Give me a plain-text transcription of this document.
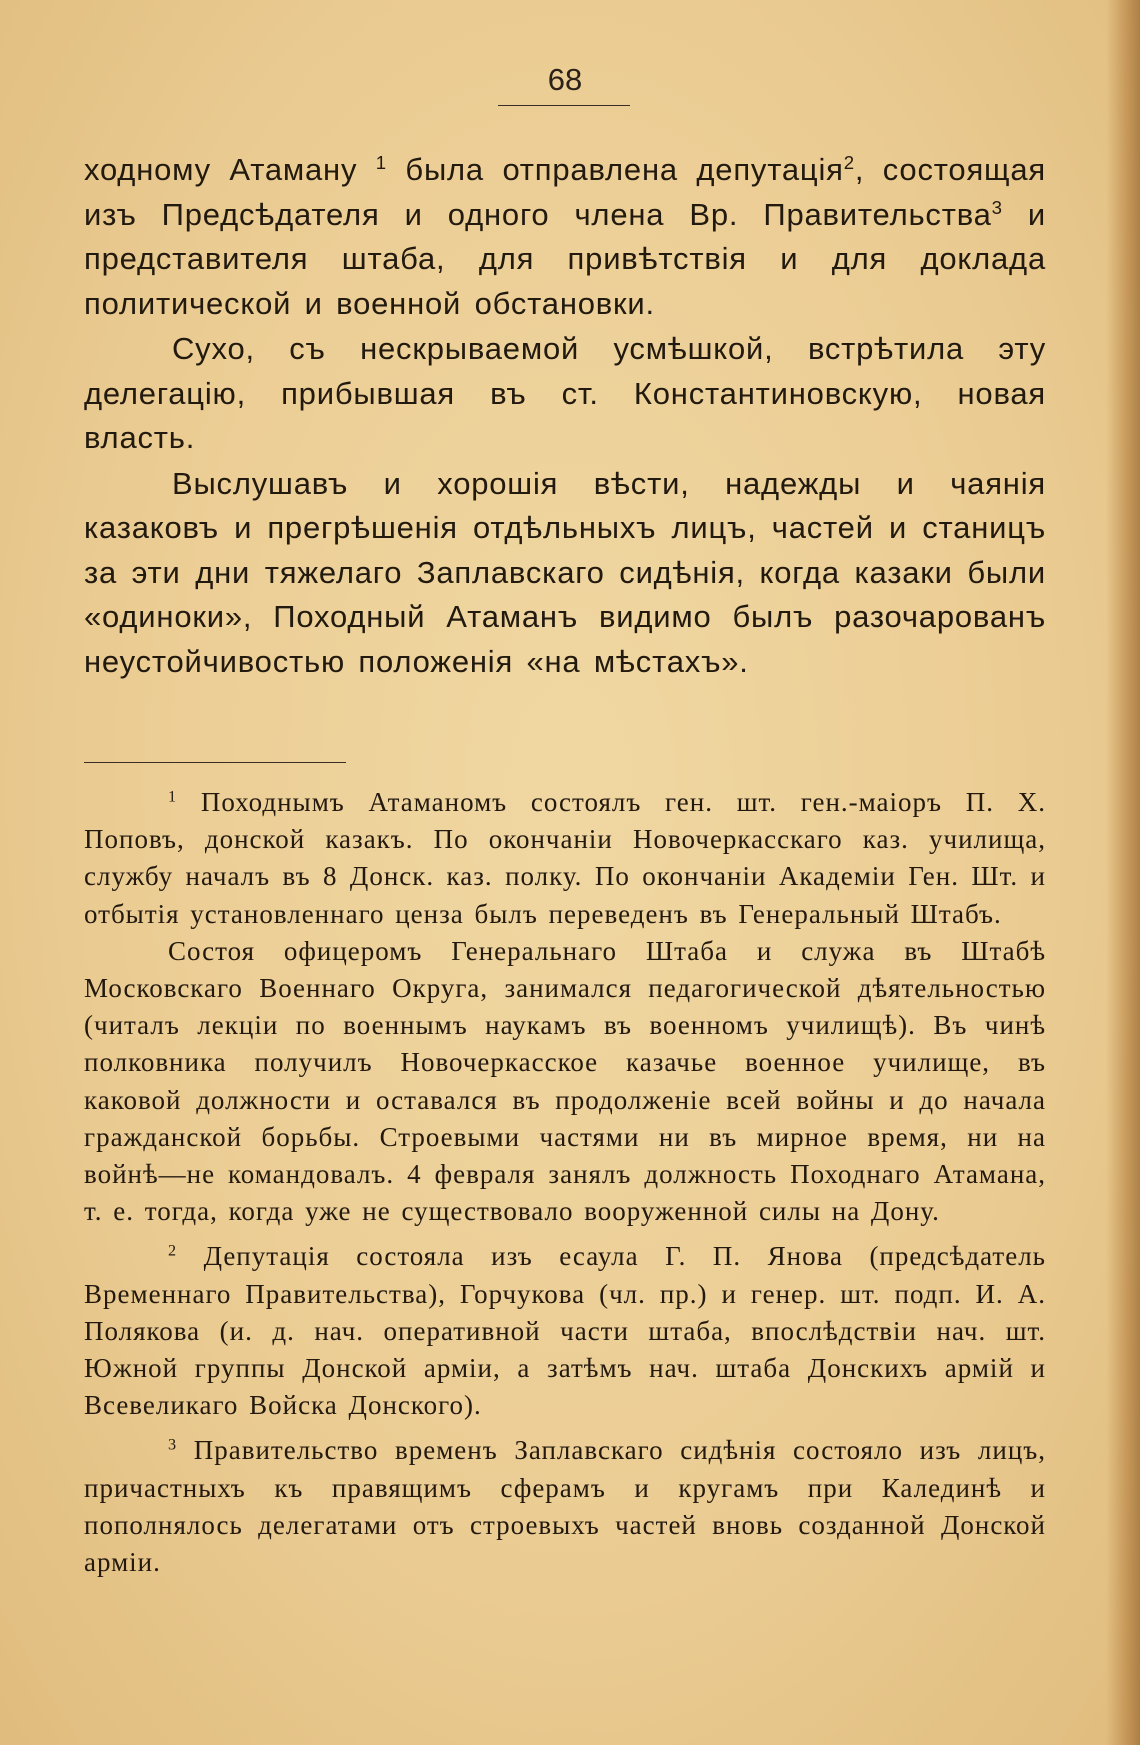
68

ходному Атаману $^1$ была отправлена депутація$^2$, состоящая изъ Предсѣдателя и одного члена Вр. Правительства$^3$ и представителя штаба, для привѣтствія и для доклада политической и военной обстановки.

Сухо, съ нескрываемой усмѣшкой, встрѣтила эту делегацію, прибывшая въ ст. Константиновскую, новая власть.

Выслушавъ и хорошія вѣсти, надежды и чаянія казаковъ и прегрѣшенія отдѣльныхъ лицъ, частей и станицъ за эти дни тяжелаго Заплавскаго сидѣнія, когда казаки были «одиноки», Походный Атаманъ видимо былъ разочарованъ неустойчивостью положенія «на мѣстахъ».

$^1$ Походнымъ Атаманомъ состоялъ ген. шт. ген.-маіоръ П. Х. Поповъ, донской казакъ. По окончаніи Новочеркасскаго каз. училища, службу началъ въ 8 Донск. каз. полку. По окончаніи Академіи Ген. Шт. и отбытія установленнаго ценза былъ переведенъ въ Генеральный Штабъ.

Состоя офицеромъ Генеральнаго Штаба и служа въ Штабѣ Московскаго Военнаго Округа, занимался педагогической дѣятельностью (читалъ лекціи по военнымъ наукамъ въ военномъ училищѣ). Въ чинѣ полковника получилъ Новочеркасское казачье военное училище, въ каковой должности и оставался въ продолженіе всей войны и до начала гражданской борьбы. Строевыми частями ни въ мирное время, ни на войнѣ—не командовалъ. 4 февраля занялъ должность Походнаго Атамана, т. е. тогда, когда уже не существовало вооруженной силы на Дону.

$^2$ Депутація состояла изъ есаула Г. П. Янова (предсѣдатель Временнаго Правительства), Горчукова (чл. пр.) и генер. шт. подп. И. А. Полякова (и. д. нач. оперативной части штаба, впослѣдствіи нач. шт. Южной группы Донской арміи, а затѣмъ нач. штаба Донскихъ армій и Всевеликаго Войска Донского).

$^3$ Правительство временъ Заплавскаго сидѣнія состояло изъ лицъ, причастныхъ къ правящимъ сферамъ и кругамъ при Калединѣ и пополнялось делегатами отъ строевыхъ частей вновь созданной Донской арміи.
